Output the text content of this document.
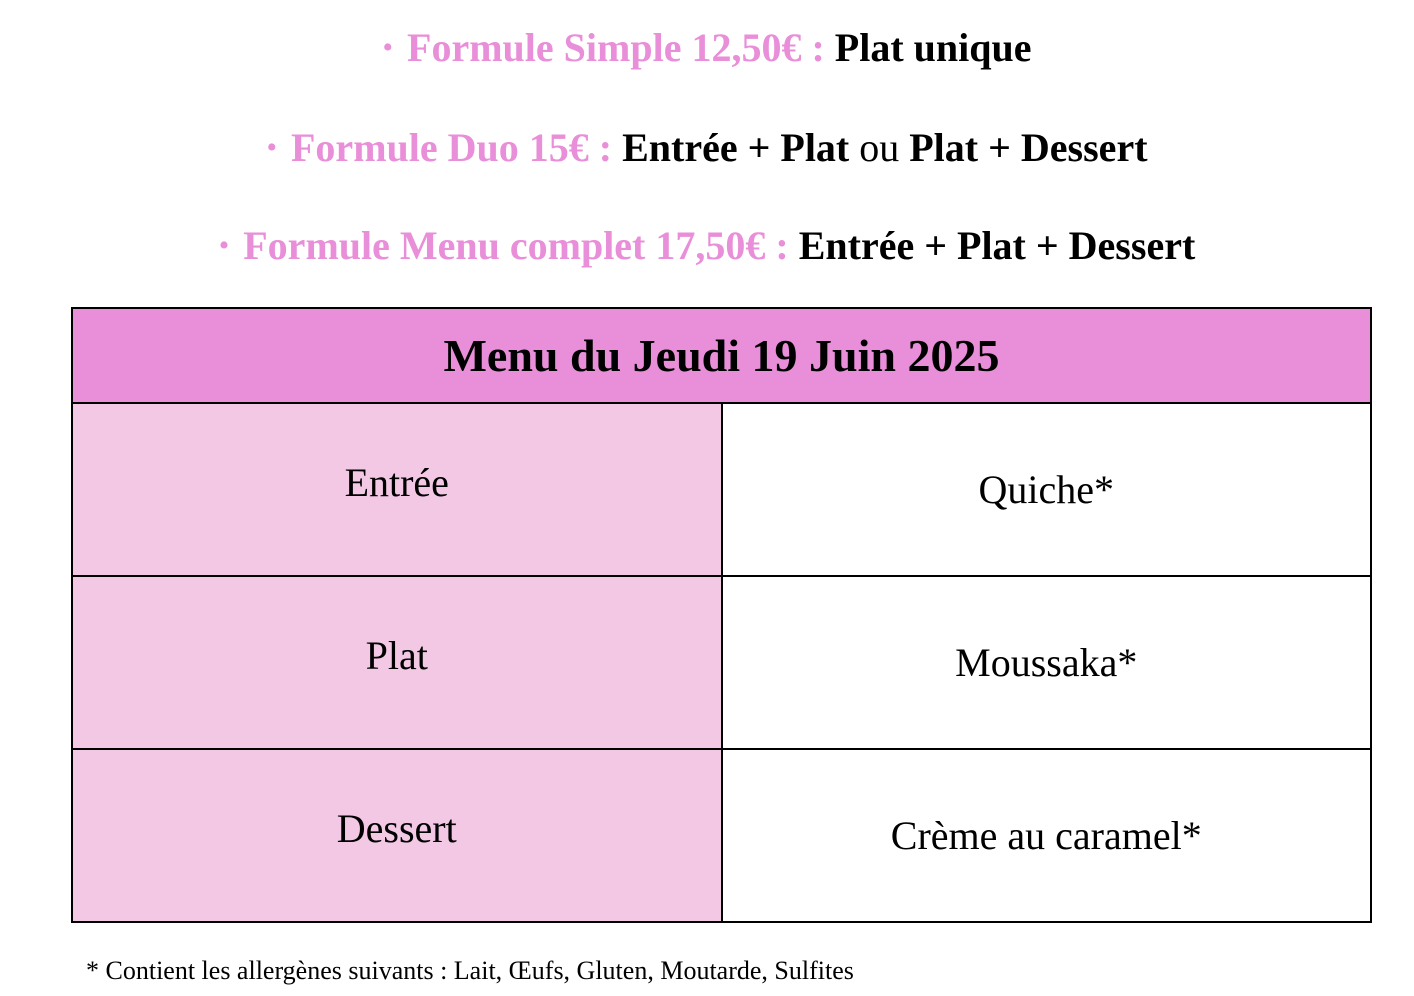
• Formule Simple 12,50€ : Plat unique
• Formule Duo 15€ : Entrée + Plat ou Plat + Dessert
• Formule Menu complet 17,50€ : Entrée + Plat + Dessert
Menu du Jeudi 19 Juin 2025	
Entrée	Quiche*
Plat	Moussaka*
Dessert	Crème au caramel*
* Contient les allergènes suivants : Lait, Œufs, Gluten, Moutarde, Sulfites
